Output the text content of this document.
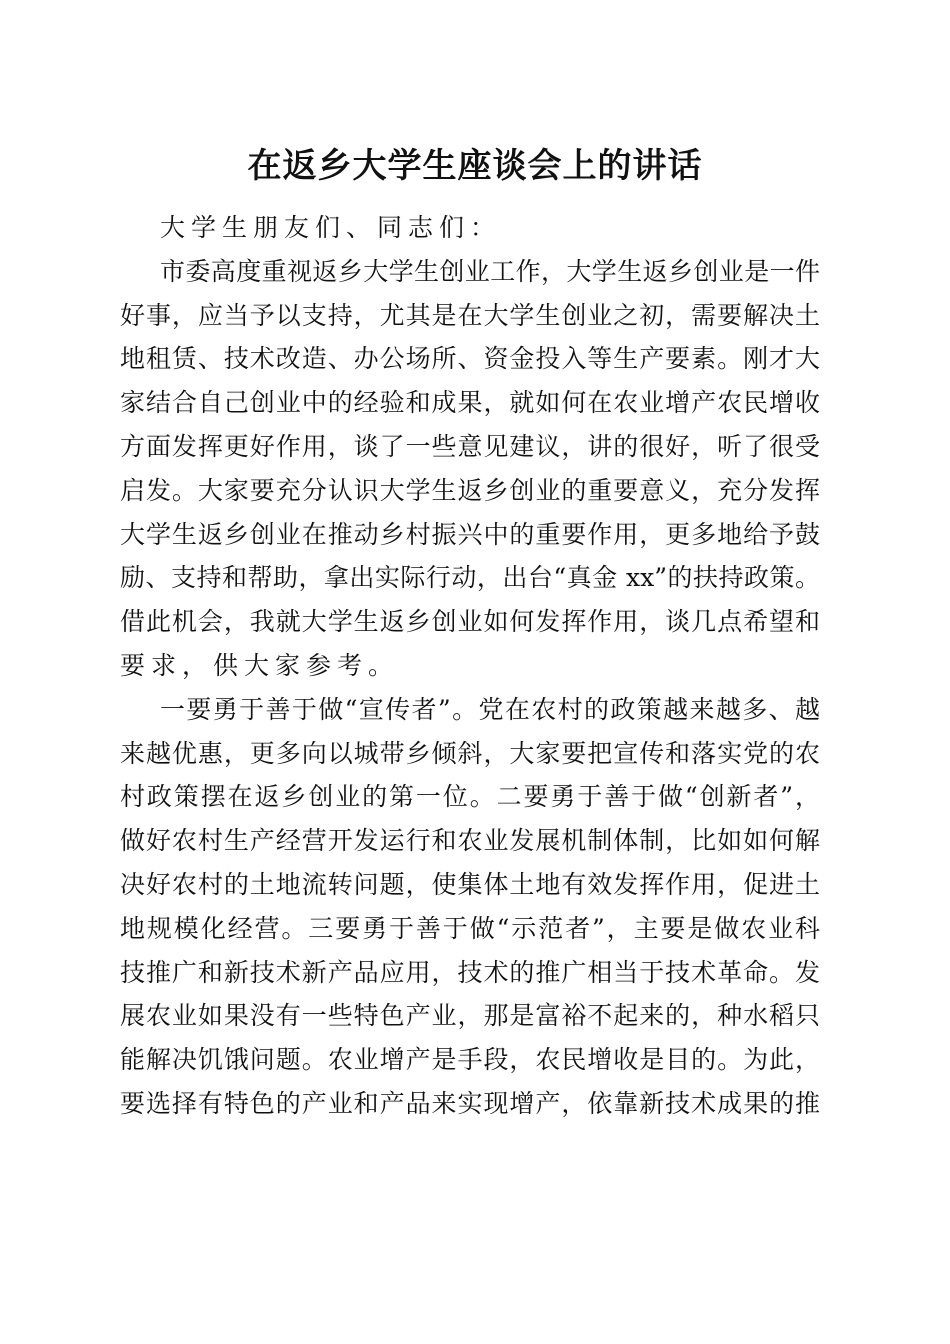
在返乡大学生座谈会上的讲话
大学生朋友们、同志们：
市委高度重视返乡大学生创业工作，大学生返乡创业是一件
好事，应当予以支持，尤其是在大学生创业之初，需要解决土
地租赁、技术改造、办公场所、资金投入等生产要素。刚才大
家结合自己创业中的经验和成果，就如何在农业增产农民增收
方面发挥更好作用，谈了一些意见建议，讲的很好，听了很受
启发。大家要充分认识大学生返乡创业的重要意义，充分发挥
大学生返乡创业在推动乡村振兴中的重要作用，更多地给予鼓
励、支持和帮助，拿出实际行动，出台“真金 xx”的扶持政策。
借此机会，我就大学生返乡创业如何发挥作用，谈几点希望和
要求，供大家参考。
一要勇于善于做“宣传者”。党在农村的政策越来越多、越
来越优惠，更多向以城带乡倾斜，大家要把宣传和落实党的农
村政策摆在返乡创业的第一位。二要勇于善于做“创新者”，
做好农村生产经营开发运行和农业发展机制体制，比如如何解
决好农村的土地流转问题，使集体土地有效发挥作用，促进土
地规模化经营。三要勇于善于做“示范者”，主要是做农业科
技推广和新技术新产品应用，技术的推广相当于技术革命。发
展农业如果没有一些特色产业，那是富裕不起来的，种水稻只
能解决饥饿问题。农业增产是手段，农民增收是目的。为此，
要选择有特色的产业和产品来实现增产，依靠新技术成果的推
